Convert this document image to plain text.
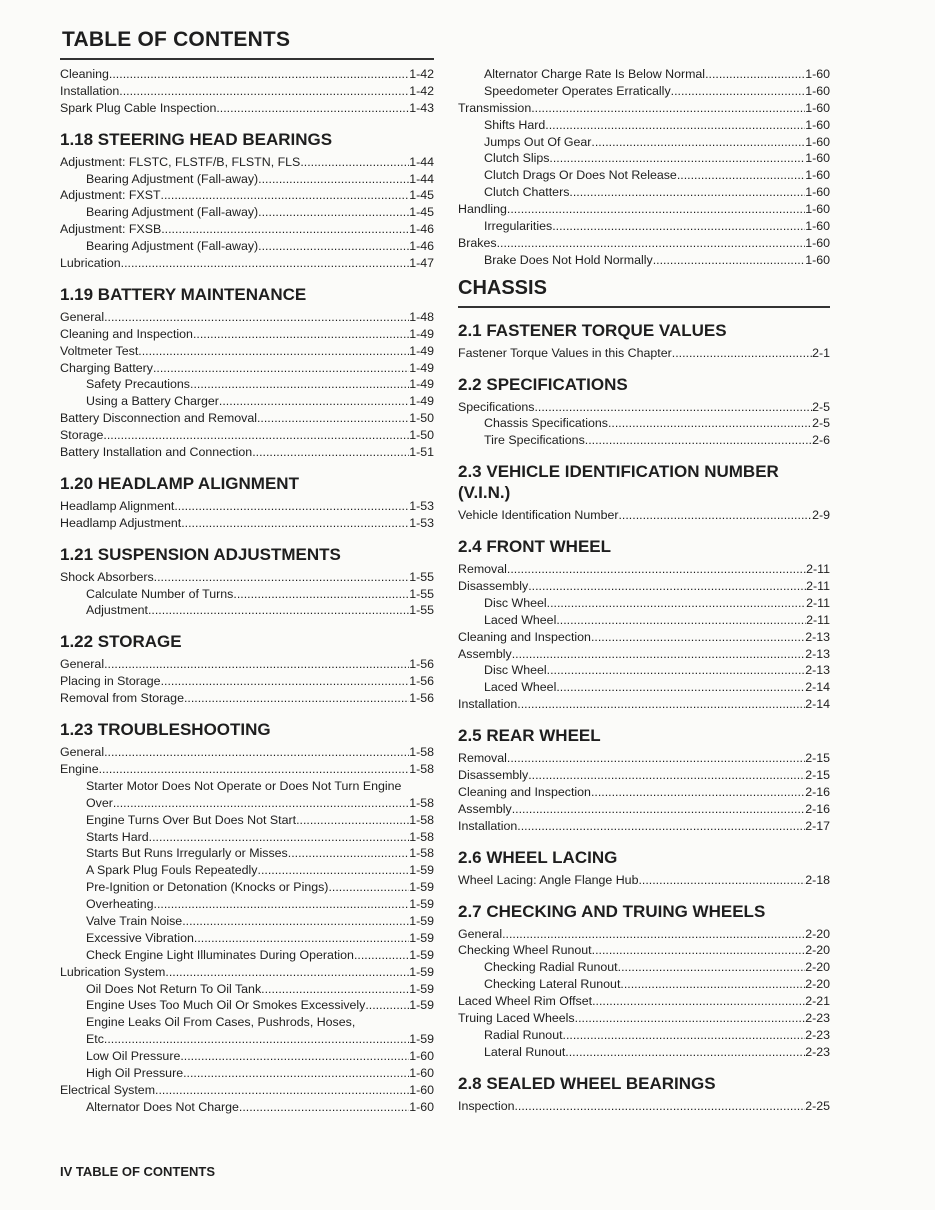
TABLE OF CONTENTS
Cleaning .....	1-42
Installation .....	1-42
Spark Plug Cable Inspection .....	1-43
1.18 STEERING HEAD BEARINGS
Adjustment: FLSTC, FLSTF/B, FLSTN, FLS .....	1-44
Bearing Adjustment (Fall-away) .....	1-44
Adjustment: FXST .....	1-45
Bearing Adjustment (Fall-away) .....	1-45
Adjustment: FXSB .....	1-46
Bearing Adjustment (Fall-away) .....	1-46
Lubrication .....	1-47
1.19 BATTERY MAINTENANCE
General .....	1-48
Cleaning and Inspection .....	1-49
Voltmeter Test .....	1-49
Charging Battery .....	1-49
Safety Precautions .....	1-49
Using a Battery Charger .....	1-49
Battery Disconnection and Removal .....	1-50
Storage .....	1-50
Battery Installation and Connection .....	1-51
1.20 HEADLAMP ALIGNMENT
Headlamp Alignment .....	1-53
Headlamp Adjustment .....	1-53
1.21 SUSPENSION ADJUSTMENTS
Shock Absorbers .....	1-55
Calculate Number of Turns .....	1-55
Adjustment .....	1-55
1.22 STORAGE
General .....	1-56
Placing in Storage .....	1-56
Removal from Storage .....	1-56
1.23 TROUBLESHOOTING
General .....	1-58
Engine .....	1-58
Starter Motor Does Not Operate or Does Not Turn Engine
Over .....	1-58
Engine Turns Over But Does Not Start .....	1-58
Starts Hard .....	1-58
Starts But Runs Irregularly or Misses .....	1-58
A Spark Plug Fouls Repeatedly .....	1-59
Pre-Ignition or Detonation (Knocks or Pings) .....	1-59
Overheating .....	1-59
Valve Train Noise .....	1-59
Excessive Vibration .....	1-59
Check Engine Light Illuminates During Operation .....	1-59
Lubrication System .....	1-59
Oil Does Not Return To Oil Tank .....	1-59
Engine Uses Too Much Oil Or Smokes Excessively .....	1-59
Engine Leaks Oil From Cases, Pushrods, Hoses,
Etc. .....	1-59
Low Oil Pressure .....	1-60
High Oil Pressure .....	1-60
Electrical System .....	1-60
Alternator Does Not Charge .....	1-60
Alternator Charge Rate Is Below Normal .....	1-60
Speedometer Operates Erratically .....	1-60
Transmission .....	1-60
Shifts Hard .....	1-60
Jumps Out Of Gear .....	1-60
Clutch Slips .....	1-60
Clutch Drags Or Does Not Release .....	1-60
Clutch Chatters .....	1-60
Handling .....	1-60
Irregularities .....	1-60
Brakes .....	1-60
Brake Does Not Hold Normally .....	1-60
CHASSIS
2.1 FASTENER TORQUE VALUES
Fastener Torque Values in this Chapter .....	2-1
2.2 SPECIFICATIONS
Specifications .....	2-5
Chassis Specifications .....	2-5
Tire Specifications .....	2-6
2.3 VEHICLE IDENTIFICATION NUMBER (V.I.N.)
Vehicle Identification Number .....	2-9
2.4 FRONT WHEEL
Removal .....	2-11
Disassembly .....	2-11
Disc Wheel .....	2-11
Laced Wheel .....	2-11
Cleaning and Inspection .....	2-13
Assembly .....	2-13
Disc Wheel .....	2-13
Laced Wheel .....	2-14
Installation .....	2-14
2.5 REAR WHEEL
Removal .....	2-15
Disassembly .....	2-15
Cleaning and Inspection .....	2-16
Assembly .....	2-16
Installation .....	2-17
2.6 WHEEL LACING
Wheel Lacing: Angle Flange Hub .....	2-18
2.7 CHECKING AND TRUING WHEELS
General .....	2-20
Checking Wheel Runout .....	2-20
Checking Radial Runout .....	2-20
Checking Lateral Runout .....	2-20
Laced Wheel Rim Offset .....	2-21
Truing Laced Wheels .....	2-23
Radial Runout .....	2-23
Lateral Runout .....	2-23
2.8 SEALED WHEEL BEARINGS
Inspection .....	2-25
IV TABLE OF CONTENTS
